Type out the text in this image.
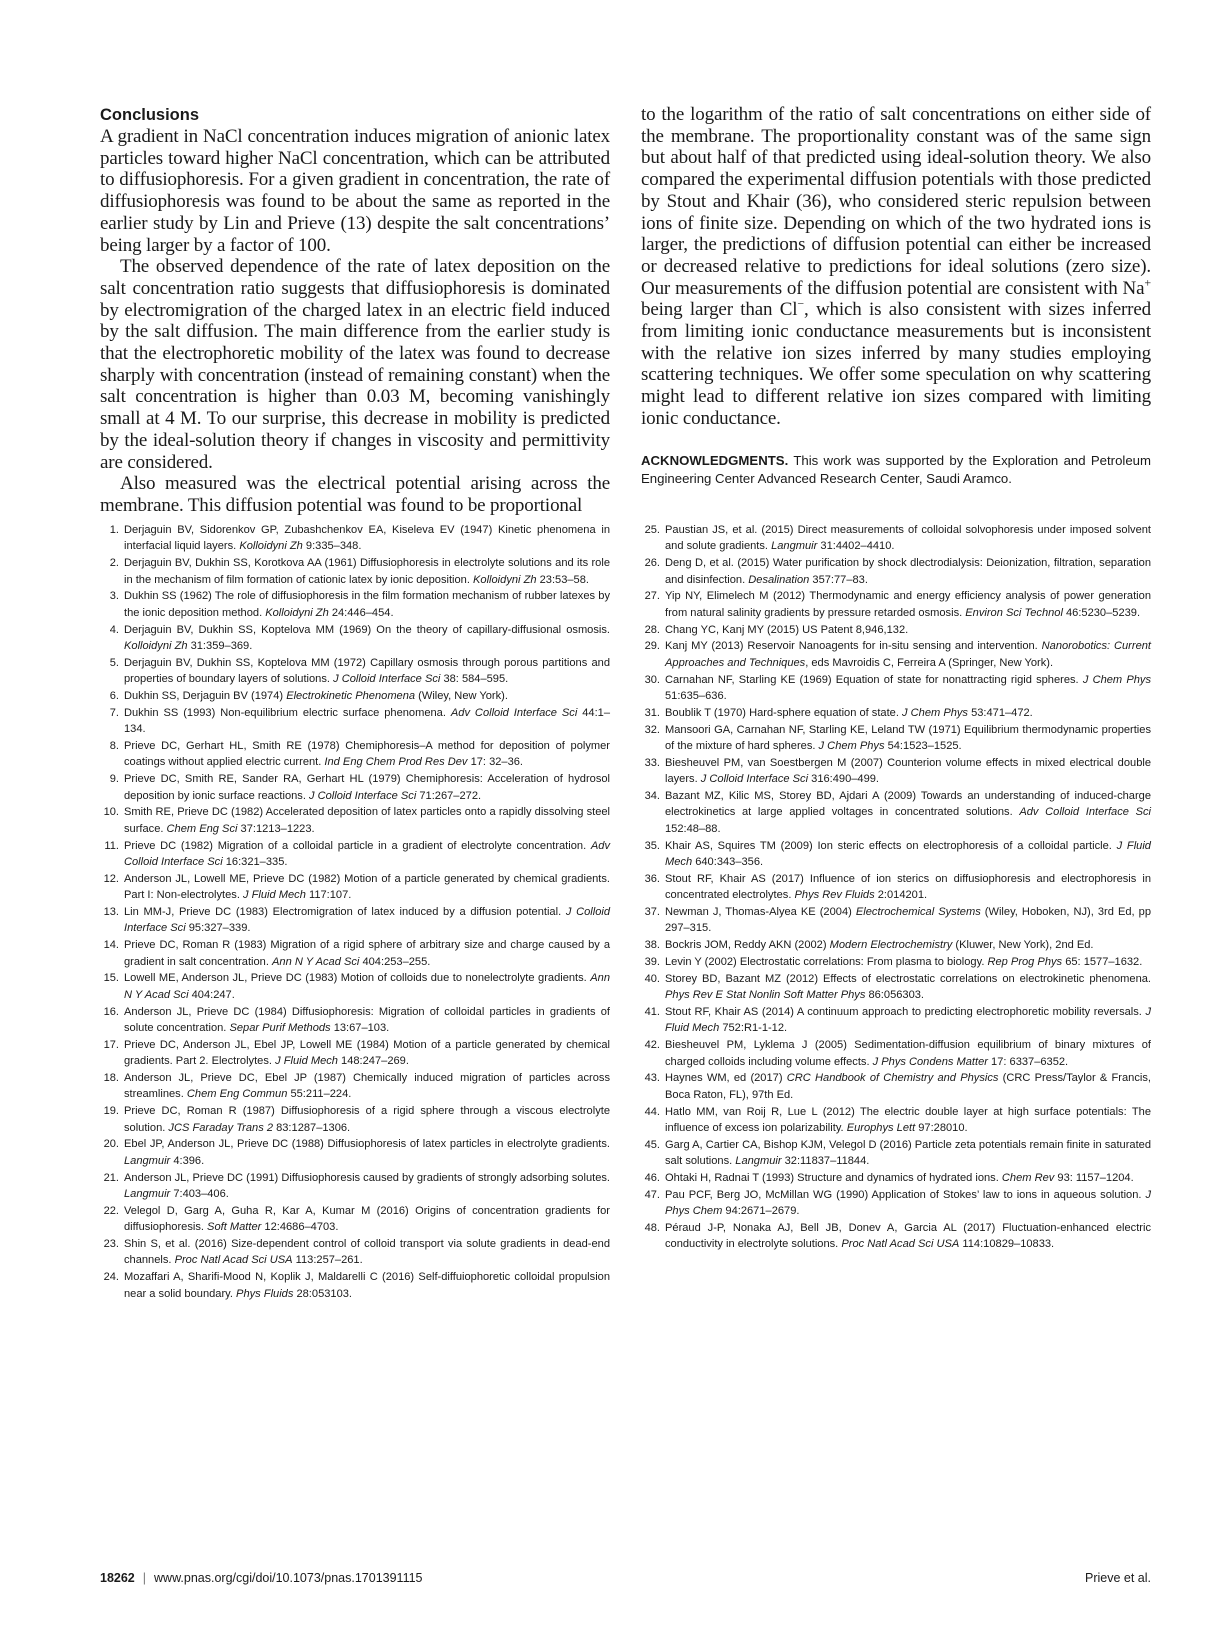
Conclusions

A gradient in NaCl concentration induces migration of anionic latex particles toward higher NaCl concentration, which can be attributed to diffusiophoresis. For a given gradient in concentration, the rate of diffusiophoresis was found to be about the same as reported in the earlier study by Lin and Prieve (13) despite the salt concentrations’ being larger by a factor of 100.

The observed dependence of the rate of latex deposition on the salt concentration ratio suggests that diffusiophoresis is dominated by electromigration of the charged latex in an electric field induced by the salt diffusion. The main difference from the earlier study is that the electrophoretic mobility of the latex was found to decrease sharply with concentration (instead of remaining constant) when the salt concentration is higher than 0.03 M, becoming vanishingly small at 4 M. To our surprise, this decrease in mobility is predicted by the ideal-solution theory if changes in viscosity and permittivity are considered.

Also measured was the electrical potential arising across the membrane. This diffusion potential was found to be proportional

to the logarithm of the ratio of salt concentrations on either side of the membrane. The proportionality constant was of the same sign but about half of that predicted using ideal-solution theory. We also compared the experimental diffusion potentials with those predicted by Stout and Khair (36), who considered steric repulsion between ions of finite size. Depending on which of the two hydrated ions is larger, the predictions of diffusion potential can either be increased or decreased relative to predictions for ideal solutions (zero size). Our measurements of the diffusion potential are consistent with Na+ being larger than Cl−, which is also consistent with sizes inferred from limiting ionic conductance measurements but is inconsistent with the relative ion sizes inferred by many studies employing scattering techniques. We offer some speculation on why scattering might lead to different relative ion sizes compared with limiting ionic conductance.

ACKNOWLEDGMENTS. This work was supported by the Exploration and Petroleum Engineering Center Advanced Research Center, Saudi Aramco.

1. Derjaguin BV, Sidorenkov GP, Zubashchenkov EA, Kiseleva EV (1947) Kinetic phenomena in interfacial liquid layers. Kolloidyni Zh 9:335–348.
2. Derjaguin BV, Dukhin SS, Korotkova AA (1961) Diffusiophoresis in electrolyte solutions and its role in the mechanism of film formation of cationic latex by ionic deposition. Kolloidyni Zh 23:53–58.
3. Dukhin SS (1962) The role of diffusiophoresis in the film formation mechanism of rubber latexes by the ionic deposition method. Kolloidyni Zh 24:446–454.
4. Derjaguin BV, Dukhin SS, Koptelova MM (1969) On the theory of capillary-diffusional osmosis. Kolloidyni Zh 31:359–369.
5. Derjaguin BV, Dukhin SS, Koptelova MM (1972) Capillary osmosis through porous partitions and properties of boundary layers of solutions. J Colloid Interface Sci 38: 584–595.
6. Dukhin SS, Derjaguin BV (1974) Electrokinetic Phenomena (Wiley, New York).
7. Dukhin SS (1993) Non-equilibrium electric surface phenomena. Adv Colloid Interface Sci 44:1–134.
8. Prieve DC, Gerhart HL, Smith RE (1978) Chemiphoresis–A method for deposition of polymer coatings without applied electric current. Ind Eng Chem Prod Res Dev 17: 32–36.
9. Prieve DC, Smith RE, Sander RA, Gerhart HL (1979) Chemiphoresis: Acceleration of hydrosol deposition by ionic surface reactions. J Colloid Interface Sci 71:267–272.
10. Smith RE, Prieve DC (1982) Accelerated deposition of latex particles onto a rapidly dissolving steel surface. Chem Eng Sci 37:1213–1223.
11. Prieve DC (1982) Migration of a colloidal particle in a gradient of electrolyte concentration. Adv Colloid Interface Sci 16:321–335.
12. Anderson JL, Lowell ME, Prieve DC (1982) Motion of a particle generated by chemical gradients. Part I: Non-electrolytes. J Fluid Mech 117:107.
13. Lin MM-J, Prieve DC (1983) Electromigration of latex induced by a diffusion potential. J Colloid Interface Sci 95:327–339.
14. Prieve DC, Roman R (1983) Migration of a rigid sphere of arbitrary size and charge caused by a gradient in salt concentration. Ann N Y Acad Sci 404:253–255.
15. Lowell ME, Anderson JL, Prieve DC (1983) Motion of colloids due to nonelectrolyte gradients. Ann N Y Acad Sci 404:247.
16. Anderson JL, Prieve DC (1984) Diffusiophoresis: Migration of colloidal particles in gradients of solute concentration. Separ Purif Methods 13:67–103.
17. Prieve DC, Anderson JL, Ebel JP, Lowell ME (1984) Motion of a particle generated by chemical gradients. Part 2. Electrolytes. J Fluid Mech 148:247–269.
18. Anderson JL, Prieve DC, Ebel JP (1987) Chemically induced migration of particles across streamlines. Chem Eng Commun 55:211–224.
19. Prieve DC, Roman R (1987) Diffusiophoresis of a rigid sphere through a viscous electrolyte solution. JCS Faraday Trans 2 83:1287–1306.
20. Ebel JP, Anderson JL, Prieve DC (1988) Diffusiophoresis of latex particles in electrolyte gradients. Langmuir 4:396.
21. Anderson JL, Prieve DC (1991) Diffusiophoresis caused by gradients of strongly adsorbing solutes. Langmuir 7:403–406.
22. Velegol D, Garg A, Guha R, Kar A, Kumar M (2016) Origins of concentration gradients for diffusiophoresis. Soft Matter 12:4686–4703.
23. Shin S, et al. (2016) Size-dependent control of colloid transport via solute gradients in dead-end channels. Proc Natl Acad Sci USA 113:257–261.
24. Mozaffari A, Sharifi-Mood N, Koplik J, Maldarelli C (2016) Self-diffuiophoretic colloidal propulsion near a solid boundary. Phys Fluids 28:053103.
25. Paustian JS, et al. (2015) Direct measurements of colloidal solvophoresis under imposed solvent and solute gradients. Langmuir 31:4402–4410.
26. Deng D, et al. (2015) Water purification by shock dlectrodialysis: Deionization, filtration, separation and disinfection. Desalination 357:77–83.
27. Yip NY, Elimelech M (2012) Thermodynamic and energy efficiency analysis of power generation from natural salinity gradients by pressure retarded osmosis. Environ Sci Technol 46:5230–5239.
28. Chang YC, Kanj MY (2015) US Patent 8,946,132.
29. Kanj MY (2013) Reservoir Nanoagents for in-situ sensing and intervention. Nanorobotics: Current Approaches and Techniques, eds Mavroidis C, Ferreira A (Springer, New York).
30. Carnahan NF, Starling KE (1969) Equation of state for nonattracting rigid spheres. J Chem Phys 51:635–636.
31. Boublik T (1970) Hard-sphere equation of state. J Chem Phys 53:471–472.
32. Mansoori GA, Carnahan NF, Starling KE, Leland TW (1971) Equilibrium thermodynamic properties of the mixture of hard spheres. J Chem Phys 54:1523–1525.
33. Biesheuvel PM, van Soestbergen M (2007) Counterion volume effects in mixed electrical double layers. J Colloid Interface Sci 316:490–499.
34. Bazant MZ, Kilic MS, Storey BD, Ajdari A (2009) Towards an understanding of induced-charge electrokinetics at large applied voltages in concentrated solutions. Adv Colloid Interface Sci 152:48–88.
35. Khair AS, Squires TM (2009) Ion steric effects on electrophoresis of a colloidal particle. J Fluid Mech 640:343–356.
36. Stout RF, Khair AS (2017) Influence of ion sterics on diffusiophoresis and electrophoresis in concentrated electrolytes. Phys Rev Fluids 2:014201.
37. Newman J, Thomas-Alyea KE (2004) Electrochemical Systems (Wiley, Hoboken, NJ), 3rd Ed, pp 297–315.
38. Bockris JOM, Reddy AKN (2002) Modern Electrochemistry (Kluwer, New York), 2nd Ed.
39. Levin Y (2002) Electrostatic correlations: From plasma to biology. Rep Prog Phys 65: 1577–1632.
40. Storey BD, Bazant MZ (2012) Effects of electrostatic correlations on electrokinetic phenomena. Phys Rev E Stat Nonlin Soft Matter Phys 86:056303.
41. Stout RF, Khair AS (2014) A continuum approach to predicting electrophoretic mobility reversals. J Fluid Mech 752:R1-1-12.
42. Biesheuvel PM, Lyklema J (2005) Sedimentation-diffusion equilibrium of binary mixtures of charged colloids including volume effects. J Phys Condens Matter 17: 6337–6352.
43. Haynes WM, ed (2017) CRC Handbook of Chemistry and Physics (CRC Press/Taylor & Francis, Boca Raton, FL), 97th Ed.
44. Hatlo MM, van Roij R, Lue L (2012) The electric double layer at high surface potentials: The influence of excess ion polarizability. Europhys Lett 97:28010.
45. Garg A, Cartier CA, Bishop KJM, Velegol D (2016) Particle zeta potentials remain finite in saturated salt solutions. Langmuir 32:11837–11844.
46. Ohtaki H, Radnai T (1993) Structure and dynamics of hydrated ions. Chem Rev 93: 1157–1204.
47. Pau PCF, Berg JO, McMillan WG (1990) Application of Stokes’ law to ions in aqueous solution. J Phys Chem 94:2671–2679.
48. Péraud J-P, Nonaka AJ, Bell JB, Donev A, Garcia AL (2017) Fluctuation-enhanced electric conductivity in electrolyte solutions. Proc Natl Acad Sci USA 114:10829–10833.
18262 | www.pnas.org/cgi/doi/10.1073/pnas.1701391115	Prieve et al.
